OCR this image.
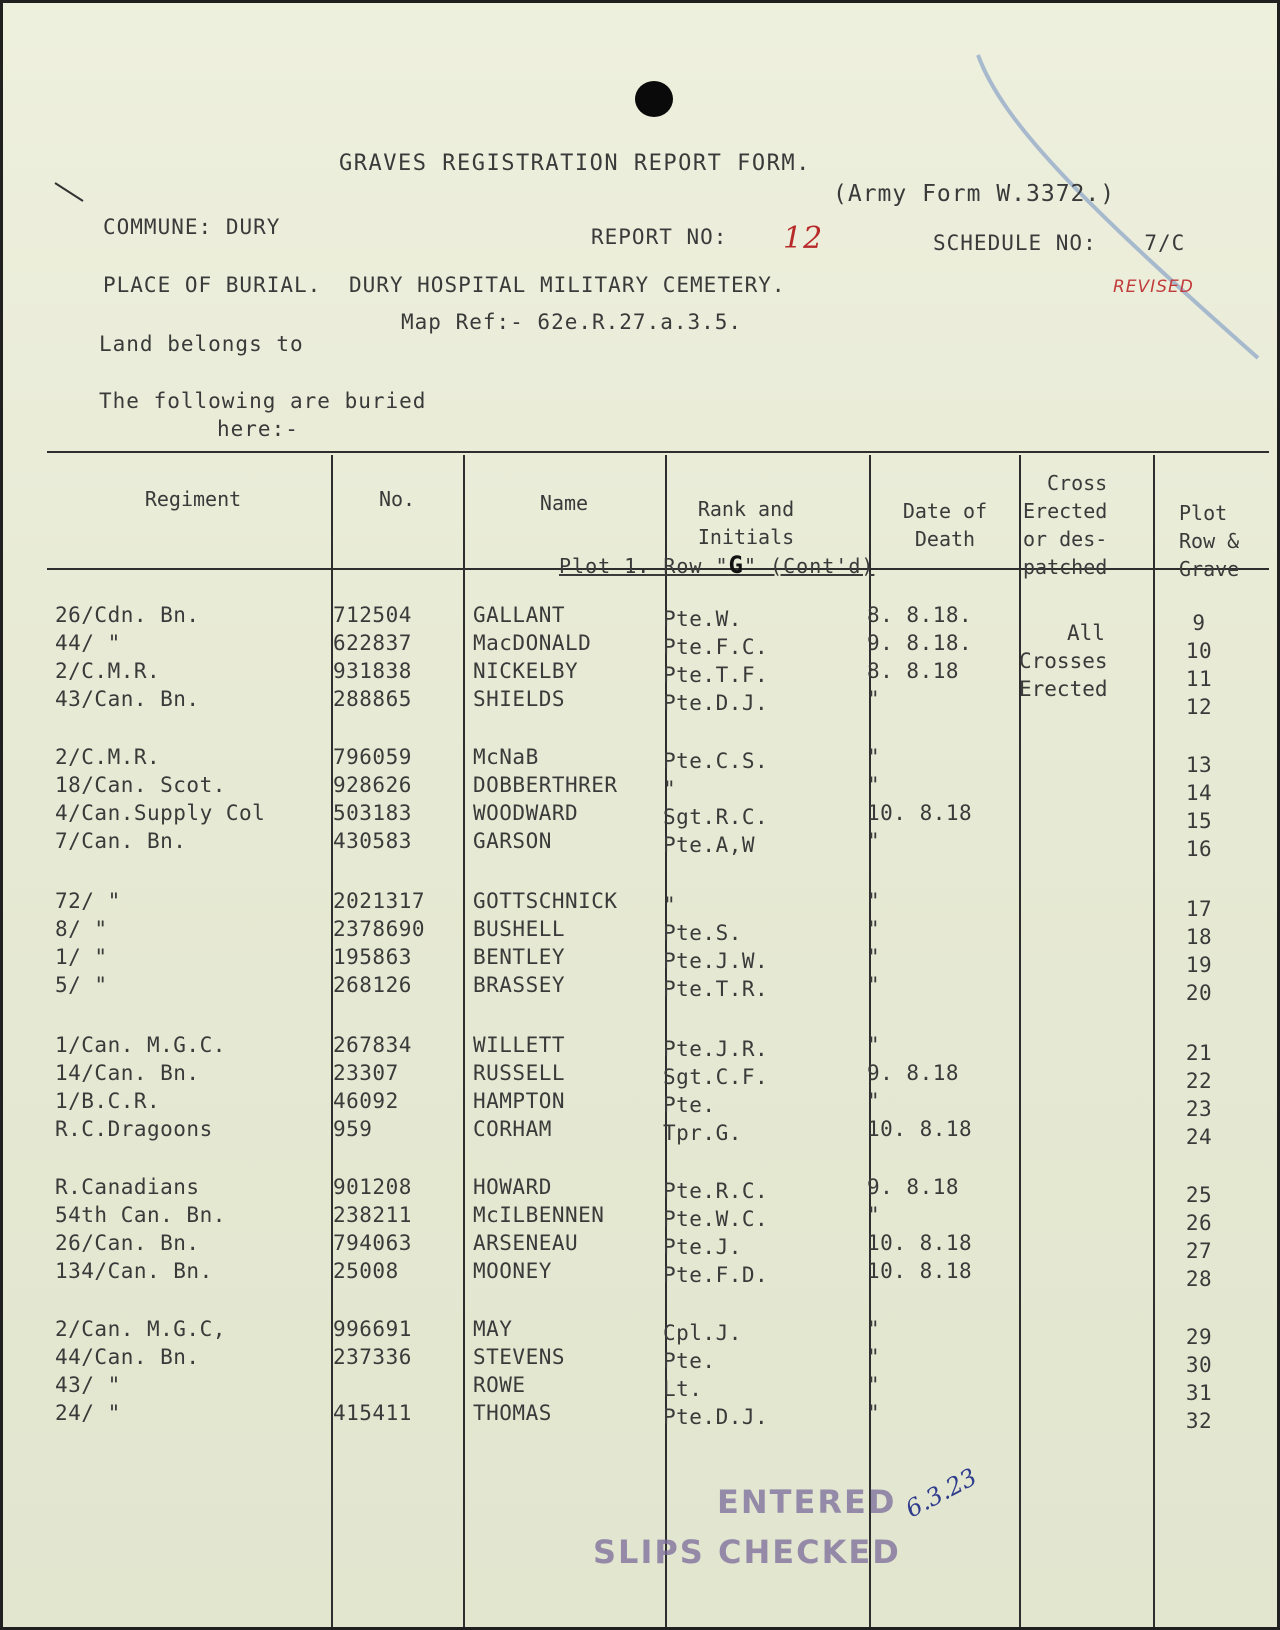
GRAVES REGISTRATION REPORT FORM.
(Army Form W.3372.)
COMMUNE: DURY	REPORT NO: 12	SCHEDULE NO: 7/C
REVISED
PLACE OF BURIAL. DURY HOSPITAL MILITARY CEMETERY.
Map Ref:- 62e.R.27.a.3.5.
Land belongs to
The following are buried
here:-
Regiment	No.	Name	Rank and
Initials
Date of
Death
Cross
Erected
or des-
patched
Plot
Row &
Grave
Plot 1. Row "G" (Cont'd)
All
Crosses
Erected
26/Cdn. Bn.	712504	GALLANT	Pte.W.	8. 8.18.	9
44/ "	622837	MacDONALD	Pte.F.C.	9. 8.18.	10
2/C.M.R.	931838	NICKELBY	Pte.T.F.	8. 8.18	11
43/Can. Bn.	288865	SHIELDS	Pte.D.J.	"	12
2/C.M.R.	796059	McNaB	Pte.C.S.	"	13
18/Can. Scot.	928626	DOBBERTHRER "	"	14
4/Can.Supply Col	503183	WOODWARD	Sgt.R.C.	10. 8.18	15
7/Can. Bn.	430583	GARSON	Pte.A,W	"	16
72/ "	2021317 GOTTSCHNICK "	"	17
8/ "	2378690 BUSHELL	Pte.S.	"	18
1/ "	195863	BENTLEY	Pte.J.W.	"	19
5/ "	268126	BRASSEY	Pte.T.R.	"	20
1/Can. M.G.C.	267834	WILLETT	Pte.J.R.	"	21
14/Can. Bn.	23307	RUSSELL	Sgt.C.F.	9. 8.18	22
1/B.C.R.	46092	HAMPTON	Pte.	"	23
R.C.Dragoons	959	CORHAM	Tpr.G.	10. 8.18	24
R.Canadians	901208	HOWARD	Pte.R.C.	9. 8.18	25
54th Can. Bn.	238211	McILBENNEN	Pte.W.C.	"	26
26/Can. Bn.	794063	ARSENEAU	Pte.J.	10. 8.18	27
134/Can. Bn.	25008	MOONEY	Pte.F.D.	10. 8.18	28
2/Can. M.G.C,	996691	MAY	Cpl.J.	"	29
44/Can. Bn.	237336	STEVENS	Pte.	"	30
43/ "	ROWE	Lt.	"	31
24/ "	415411	THOMAS	Pte.D.J.	"	32
ENTERED
SLIPS CHECKED
6.3.23
